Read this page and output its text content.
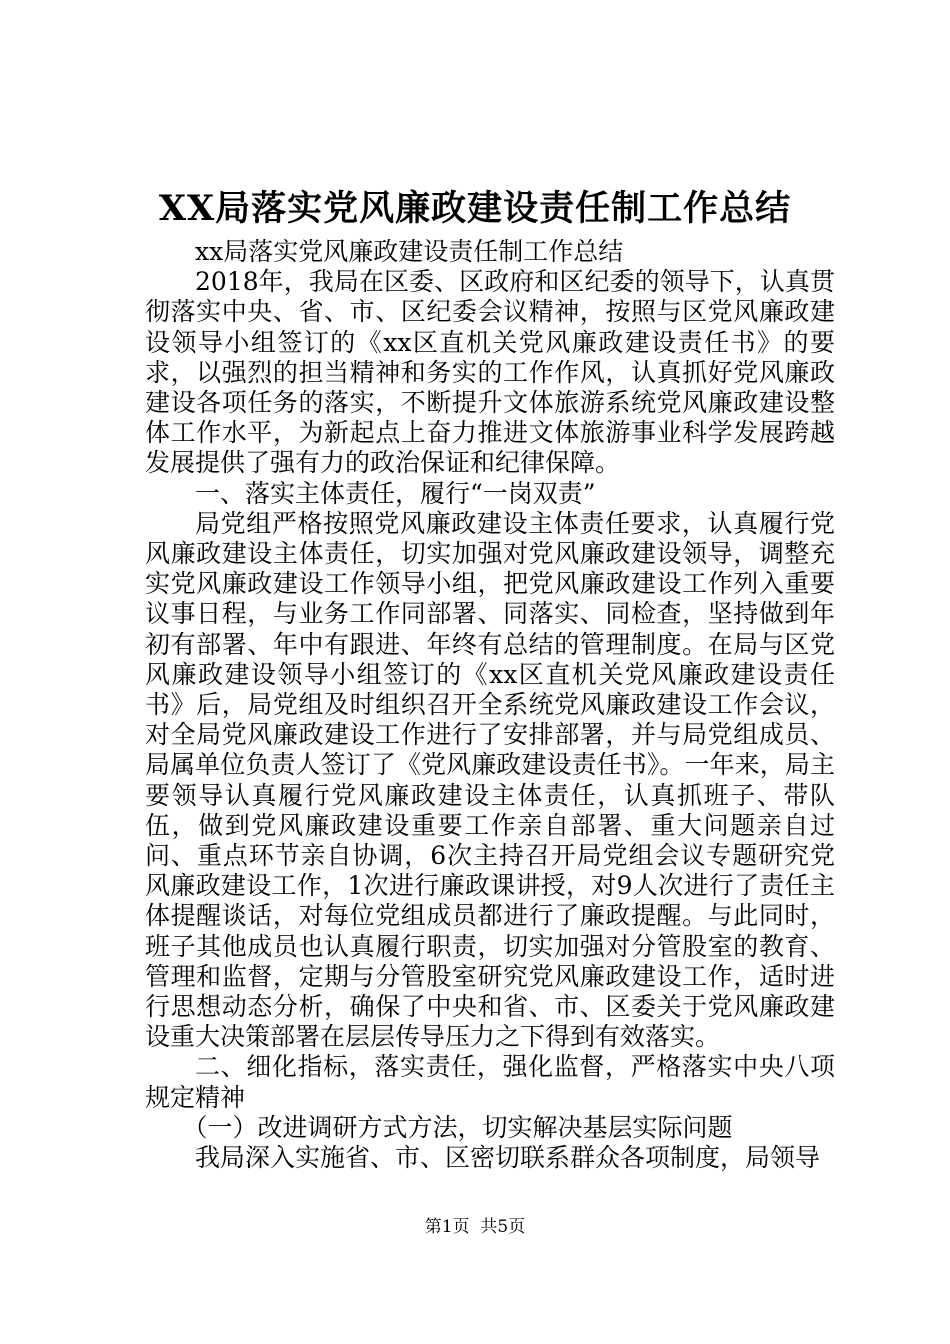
XX局落实党风廉政建设责任制工作总结

xx局落实党风廉政建设责任制工作总结

2018年，我局在区委、区政府和区纪委的领导下，认真贯彻落实中央、省、市、区纪委会议精神，按照与区党风廉政建设领导小组签订的《xx区直机关党风廉政建设责任书》的要求，以强烈的担当精神和务实的工作作风，认真抓好党风廉政建设各项任务的落实，不断提升文体旅游系统党风廉政建设整体工作水平，为新起点上奋力推进文体旅游事业科学发展跨越发展提供了强有力的政治保证和纪律保障。

一、落实主体责任，履行“一岗双责”

局党组严格按照党风廉政建设主体责任要求，认真履行党风廉政建设主体责任，切实加强对党风廉政建设领导，调整充实党风廉政建设工作领导小组，把党风廉政建设工作列入重要议事日程，与业务工作同部署、同落实、同检查，坚持做到年初有部署、年中有跟进、年终有总结的管理制度。在局与区党风廉政建设领导小组签订的《xx区直机关党风廉政建设责任书》后，局党组及时组织召开全系统党风廉政建设工作会议，对全局党风廉政建设工作进行了安排部署，并与局党组成员、局属单位负责人签订了《党风廉政建设责任书》。一年来，局主要领导认真履行党风廉政建设主体责任，认真抓班子、带队伍，做到党风廉政建设重要工作亲自部署、重大问题亲自过问、重点环节亲自协调，6次主持召开局党组会议专题研究党风廉政建设工作，1次进行廉政课讲授，对9人次进行了责任主体提醒谈话，对每位党组成员都进行了廉政提醒。与此同时，班子其他成员也认真履行职责，切实加强对分管股室的教育、管理和监督，定期与分管股室研究党风廉政建设工作，适时进行思想动态分析，确保了中央和省、市、区委关于党风廉政建设重大决策部署在层层传导压力之下得到有效落实。

二、细化指标，落实责任，强化监督，严格落实中央八项规定精神

（一）改进调研方式方法，切实解决基层实际问题

我局深入实施省、市、区密切联系群众各项制度，局领导

第1页  共5页
